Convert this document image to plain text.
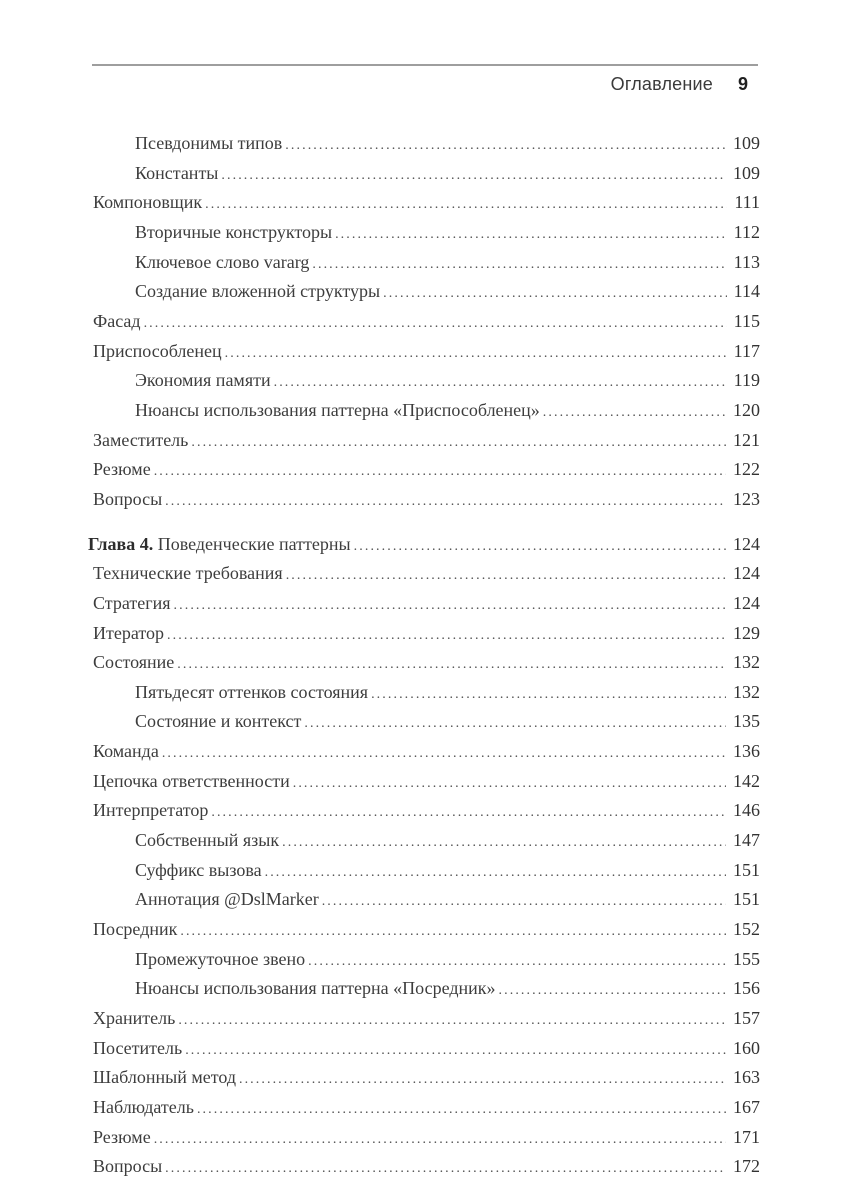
Оглавление 9
Псевдонимы типов .....	109
Константы .....	109
Компоновщик .....	111
Вторичные конструкторы .....	112
Ключевое слово vararg .....	113
Создание вложенной структуры .....	114
Фасад .....	115
Приспособленец .....	117
Экономия памяти .....	119
Нюансы использования паттерна «Приспособленец» .....	120
Заместитель .....	121
Резюме .....	122
Вопросы .....	123
Глава 4. Поведенческие паттерны .....	124
Технические требования .....	124
Стратегия .....	124
Итератор .....	129
Состояние .....	132
Пятьдесят оттенков состояния .....	132
Состояние и контекст .....	135
Команда .....	136
Цепочка ответственности .....	142
Интерпретатор .....	146
Собственный язык .....	147
Суффикс вызова .....	151
Аннотация @DslMarker .....	151
Посредник .....	152
Промежуточное звено .....	155
Нюансы использования паттерна «Посредник» .....	156
Хранитель .....	157
Посетитель .....	160
Шаблонный метод .....	163
Наблюдатель .....	167
Резюме .....	171
Вопросы .....	172
